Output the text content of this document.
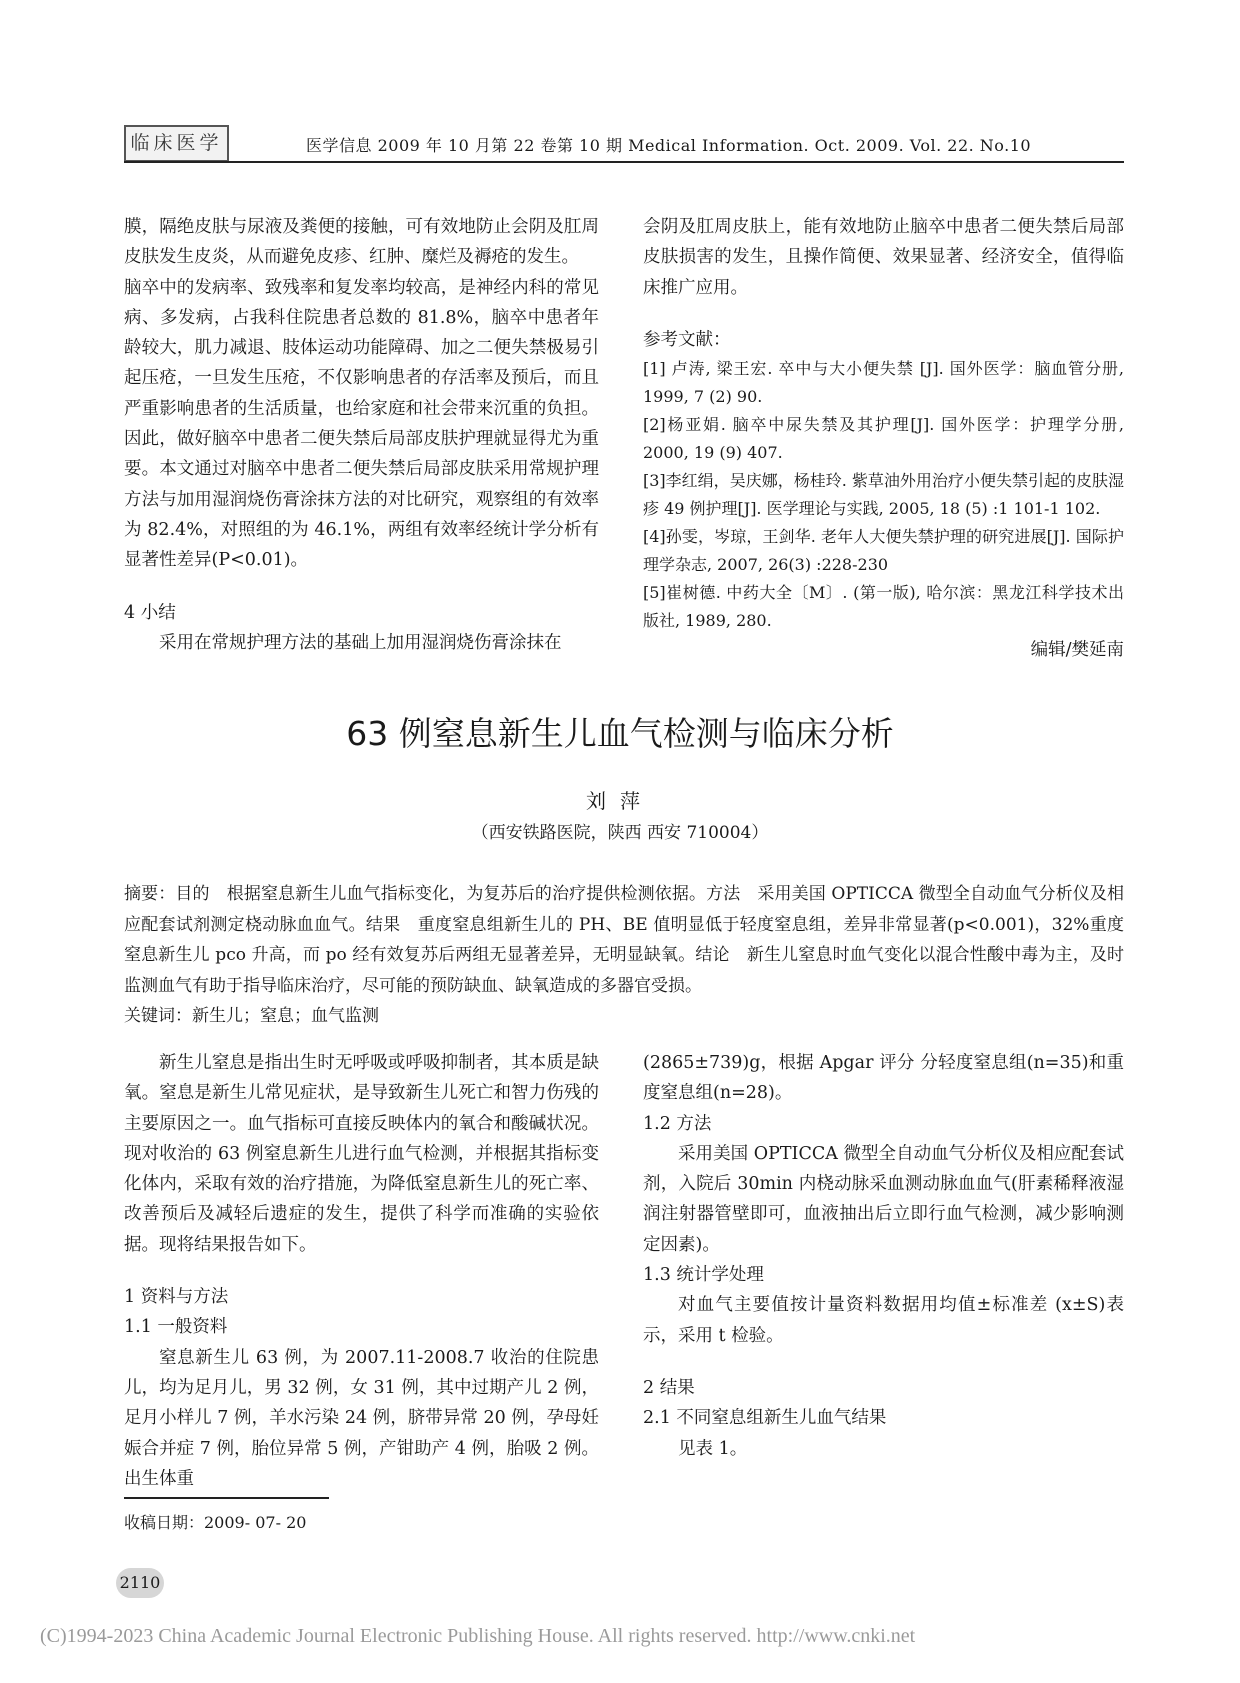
临床医学	医学信息 2009 年 10 月第 22 卷第 10 期 Medical Information. Oct. 2009. Vol. 22. No.10

膜，隔绝皮肤与尿液及粪便的接触，可有效地防止会阴及肛周皮肤发生皮炎，从而避免皮疹、红肿、糜烂及褥疮的发生。

脑卒中的发病率、致残率和复发率均较高，是神经内科的常见病、多发病，占我科住院患者总数的 81.8%，脑卒中患者年龄较大，肌力减退、肢体运动功能障碍、加之二便失禁极易引起压疮，一旦发生压疮，不仅影响患者的存活率及预后，而且严重影响患者的生活质量，也给家庭和社会带来沉重的负担。因此，做好脑卒中患者二便失禁后局部皮肤护理就显得尤为重要。本文通过对脑卒中患者二便失禁后局部皮肤采用常规护理方法与加用湿润烧伤膏涂抹方法的对比研究，观察组的有效率为 82.4%，对照组的为 46.1%，两组有效率经统计学分析有显著性差异(P<0.01)。

4 小结

采用在常规护理方法的基础上加用湿润烧伤膏涂抹在

会阴及肛周皮肤上，能有效地防止脑卒中患者二便失禁后局部皮肤损害的发生，且操作简便、效果显著、经济安全，值得临床推广应用。

参考文献：

[1] 卢涛, 梁王宏. 卒中与大小便失禁 [J]. 国外医学：脑血管分册, 1999, 7 (2) 90.

[2]杨亚娟. 脑卒中尿失禁及其护理[J]. 国外医学：护理学分册, 2000, 19 (9) 407.

[3]李红绢，吴庆娜，杨桂玲. 紫草油外用治疗小便失禁引起的皮肤湿疹 49 例护理[J]. 医学理论与实践, 2005, 18 (5) :1 101-1 102.

[4]孙雯，岑琼，王剑华. 老年人大便失禁护理的研究进展[J]. 国际护理学杂志, 2007, 26(3) :228-230

[5]崔树德. 中药大全〔M〕. (第一版), 哈尔滨：黑龙江科学技术出版社, 1989, 280.

编辑/樊延南

63 例窒息新生儿血气检测与临床分析
刘萍
（西安铁路医院，陕西 西安 710004）

摘要：目的　根据窒息新生儿血气指标变化，为复苏后的治疗提供检测依据。方法　采用美国 OPTICCA 微型全自动血气分析仪及相应配套试剂测定桡动脉血血气。结果　重度窒息组新生儿的 PH、BE 值明显低于轻度窒息组，差异非常显著(p<0.001)，32%重度窒息新生儿 pco 升高，而 po 经有效复苏后两组无显著差异，无明显缺氧。结论　新生儿窒息时血气变化以混合性酸中毒为主，及时监测血气有助于指导临床治疗，尽可能的预防缺血、缺氧造成的多器官受损。

关键词：新生儿；窒息；血气监测

新生儿窒息是指出生时无呼吸或呼吸抑制者，其本质是缺氧。窒息是新生儿常见症状，是导致新生儿死亡和智力伤残的主要原因之一。血气指标可直接反映体内的氧合和酸碱状况。现对收治的 63 例窒息新生儿进行血气检测，并根据其指标变化体内，采取有效的治疗措施，为降低窒息新生儿的死亡率、改善预后及减轻后遗症的发生，提供了科学而准确的实验依据。现将结果报告如下。

1 资料与方法

1.1 一般资料

窒息新生儿 63 例，为 2007.11-2008.7 收治的住院患儿，均为足月儿，男 32 例，女 31 例，其中过期产儿 2 例，足月小样儿 7 例，羊水污染 24 例，脐带异常 20 例，孕母妊娠合并症 7 例，胎位异常 5 例，产钳助产 4 例，胎吸 2 例。出生体重

(2865±739)g，根据 Apgar 评分 分轻度窒息组(n=35)和重度窒息组(n=28)。

1.2 方法

采用美国 OPTICCA 微型全自动血气分析仪及相应配套试剂，入院后 30min 内桡动脉采血测动脉血血气(肝素稀释液湿润注射器管壁即可，血液抽出后立即行血气检测，减少影响测定因素)。

1.3 统计学处理

对血气主要值按计量资料数据用均值±标准差 (x±S)表示，采用 t 检验。

2 结果

2.1 不同窒息组新生儿血气结果

见表 1。

收稿日期：2009- 07- 20
2110
(C)1994-2023 China Academic Journal Electronic Publishing House. All rights reserved. http://www.cnki.net
